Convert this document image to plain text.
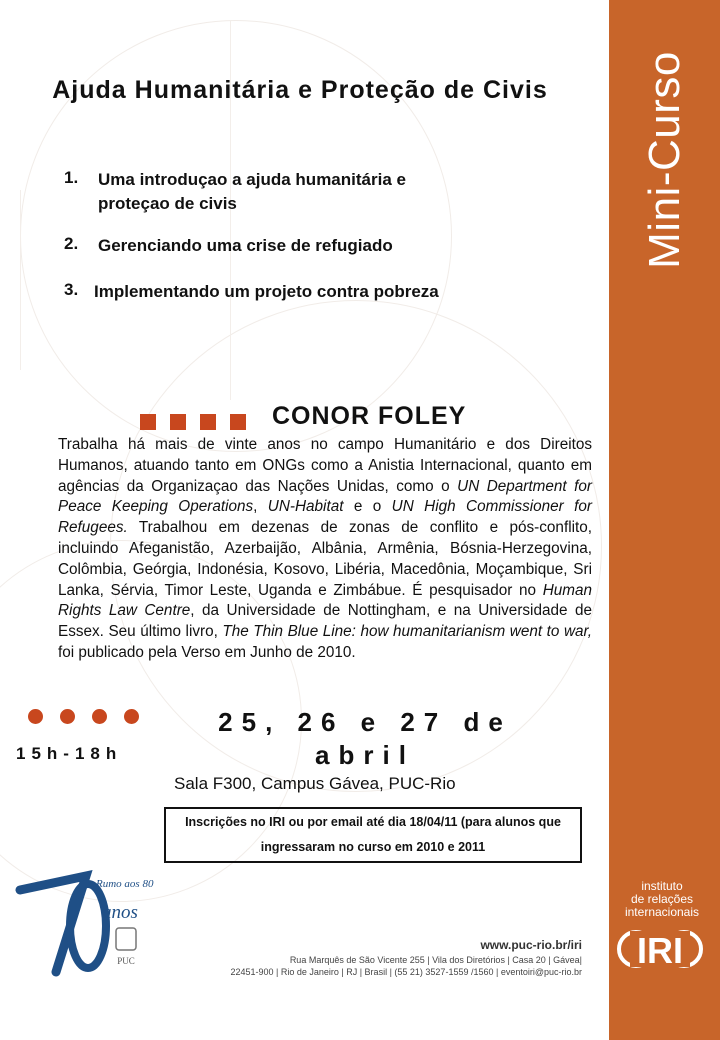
Mini-Curso
instituto
de relações
internacionais
IRI
Ajuda Humanitária e Proteção de Civis
1. Uma introduçao a ajuda humanitária e
proteçao de civis
2. Gerenciando uma crise de refugiado
3. Implementando um projeto contra pobreza
CONOR FOLEY
Trabalha há mais de vinte anos no campo Humanitário e dos Direitos Humanos, atuando tanto em ONGs como a Anistia Internacional, quanto em agências da Organizaçao das Nações Unidas, como o UN Department for Peace Keeping Operations, UN-Habitat e o UN High Commissioner for Refugees. Trabalhou em dezenas de zonas de conflito e pós-conflito, incluindo Afeganistão, Azerbaijão, Albânia, Armênia, Bósnia-Herzegovina, Colômbia, Geórgia, Indonésia, Kosovo, Libéria, Macedônia, Moçambique, Sri Lanka, Sérvia, Timor Leste, Uganda e Zimbábue. É pesquisador no Human Rights Law Centre, da Universidade de Nottingham, e na Universidade de Essex. Seu último livro, The Thin Blue Line: how humanitarianism went to war, foi publicado pela Verso em Junho de 2010.
15h-18h
25, 26 e 27 de abril
Sala F300, Campus Gávea, PUC-Rio
Inscrições no IRI ou por email até dia 18/04/11 (para alunos que ingressaram no curso em 2010 e 2011
Rumo aos 80
anos
PUC
www.puc-rio.br/iri
Rua Marquês de São Vicente 255 | Vila dos Diretórios | Casa 20 | Gávea|
22451-900 | Rio de Janeiro | RJ | Brasil | (55 21) 3527-1559 /1560 | eventoiri@puc-rio.br
